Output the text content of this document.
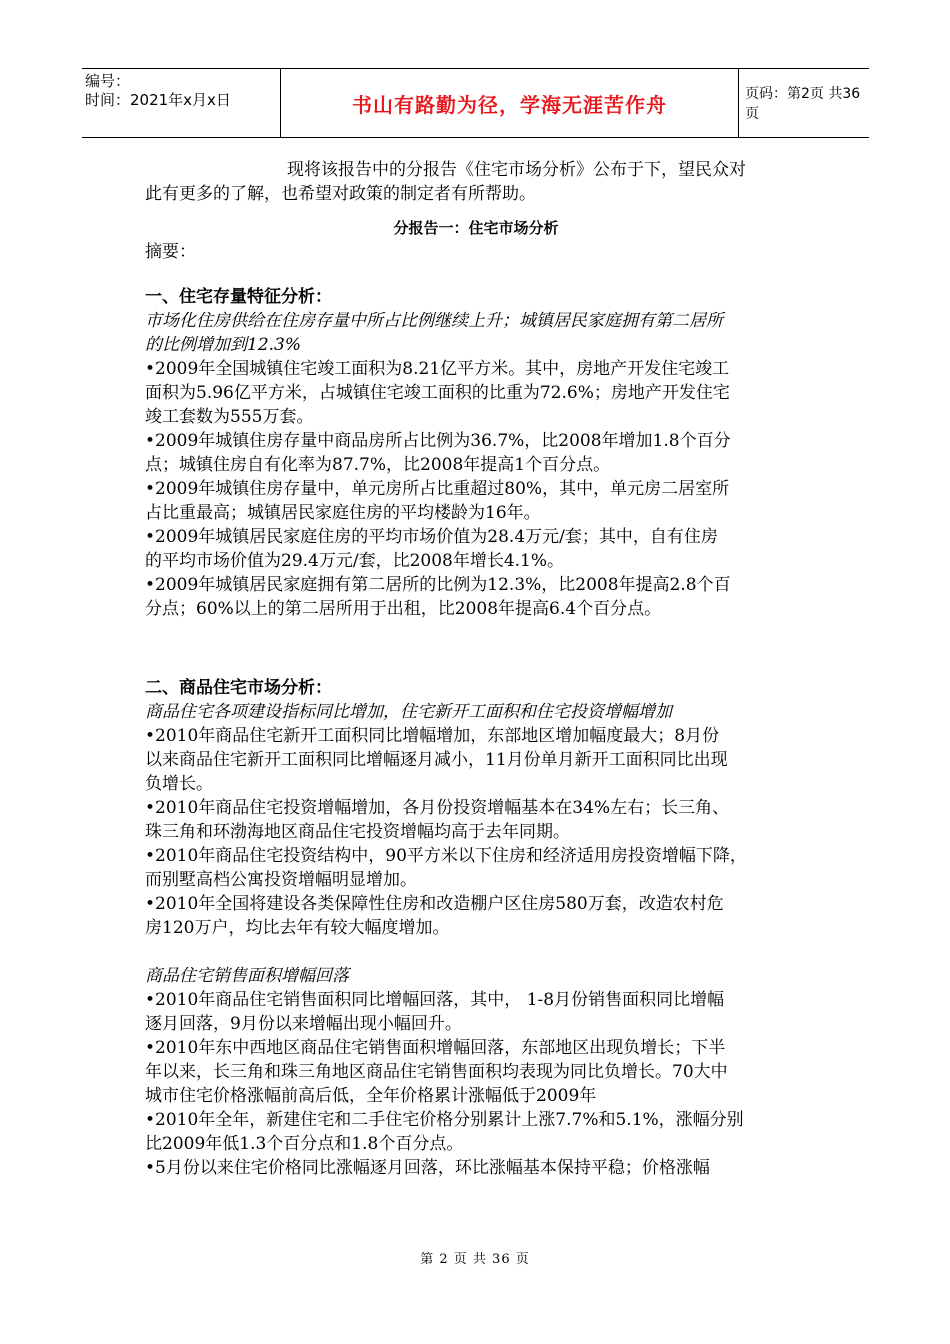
编号：
时间：2021年x月x日	书山有路勤为径，学海无涯苦作舟	页码：第2页 共36页

现将该报告中的分报告《住宅市场分析》公布于下，望民众对

此有更多的了解，也希望对政策的制定者有所帮助。

分报告一：住宅市场分析

摘要：

一、住宅存量特征分析：

市场化住房供给在住房存量中所占比例继续上升；城镇居民家庭拥有第二居所

的比例增加到12.3%

•2009年全国城镇住宅竣工面积为8.21亿平方米。其中，房地产开发住宅竣工

面积为5.96亿平方米，占城镇住宅竣工面积的比重为72.6%；房地产开发住宅

竣工套数为555万套。

•2009年城镇住房存量中商品房所占比例为36.7%，比2008年增加1.8个百分

点；城镇住房自有化率为87.7%，比2008年提高1个百分点。

•2009年城镇住房存量中，单元房所占比重超过80%，其中，单元房二居室所

占比重最高；城镇居民家庭住房的平均楼龄为16年。

•2009年城镇居民家庭住房的平均市场价值为28.4万元/套；其中，自有住房

的平均市场价值为29.4万元/套，比2008年增长4.1%。

•2009年城镇居民家庭拥有第二居所的比例为12.3%，比2008年提高2.8个百

分点；60%以上的第二居所用于出租，比2008年提高6.4个百分点。

二、商品住宅市场分析：

商品住宅各项建设指标同比增加，住宅新开工面积和住宅投资增幅增加

•2010年商品住宅新开工面积同比增幅增加，东部地区增加幅度最大；8月份

以来商品住宅新开工面积同比增幅逐月减小，11月份单月新开工面积同比出现

负增长。

•2010年商品住宅投资增幅增加，各月份投资增幅基本在34%左右；长三角、

珠三角和环渤海地区商品住宅投资增幅均高于去年同期。

•2010年商品住宅投资结构中，90平方米以下住房和经济适用房投资增幅下降，

而别墅高档公寓投资增幅明显增加。

•2010年全国将建设各类保障性住房和改造棚户区住房580万套，改造农村危

房120万户，均比去年有较大幅度增加。

商品住宅销售面积增幅回落

•2010年商品住宅销售面积同比增幅回落，其中， 1-8月份销售面积同比增幅

逐月回落，9月份以来增幅出现小幅回升。

•2010年东中西地区商品住宅销售面积增幅回落，东部地区出现负增长；下半

年以来，长三角和珠三角地区商品住宅销售面积均表现为同比负增长。70大中

城市住宅价格涨幅前高后低，全年价格累计涨幅低于2009年

•2010年全年，新建住宅和二手住宅价格分别累计上涨7.7%和5.1%，涨幅分别

比2009年低1.3个百分点和1.8个百分点。

•5月份以来住宅价格同比涨幅逐月回落，环比涨幅基本保持平稳；价格涨幅

第 2 页 共 36 页
